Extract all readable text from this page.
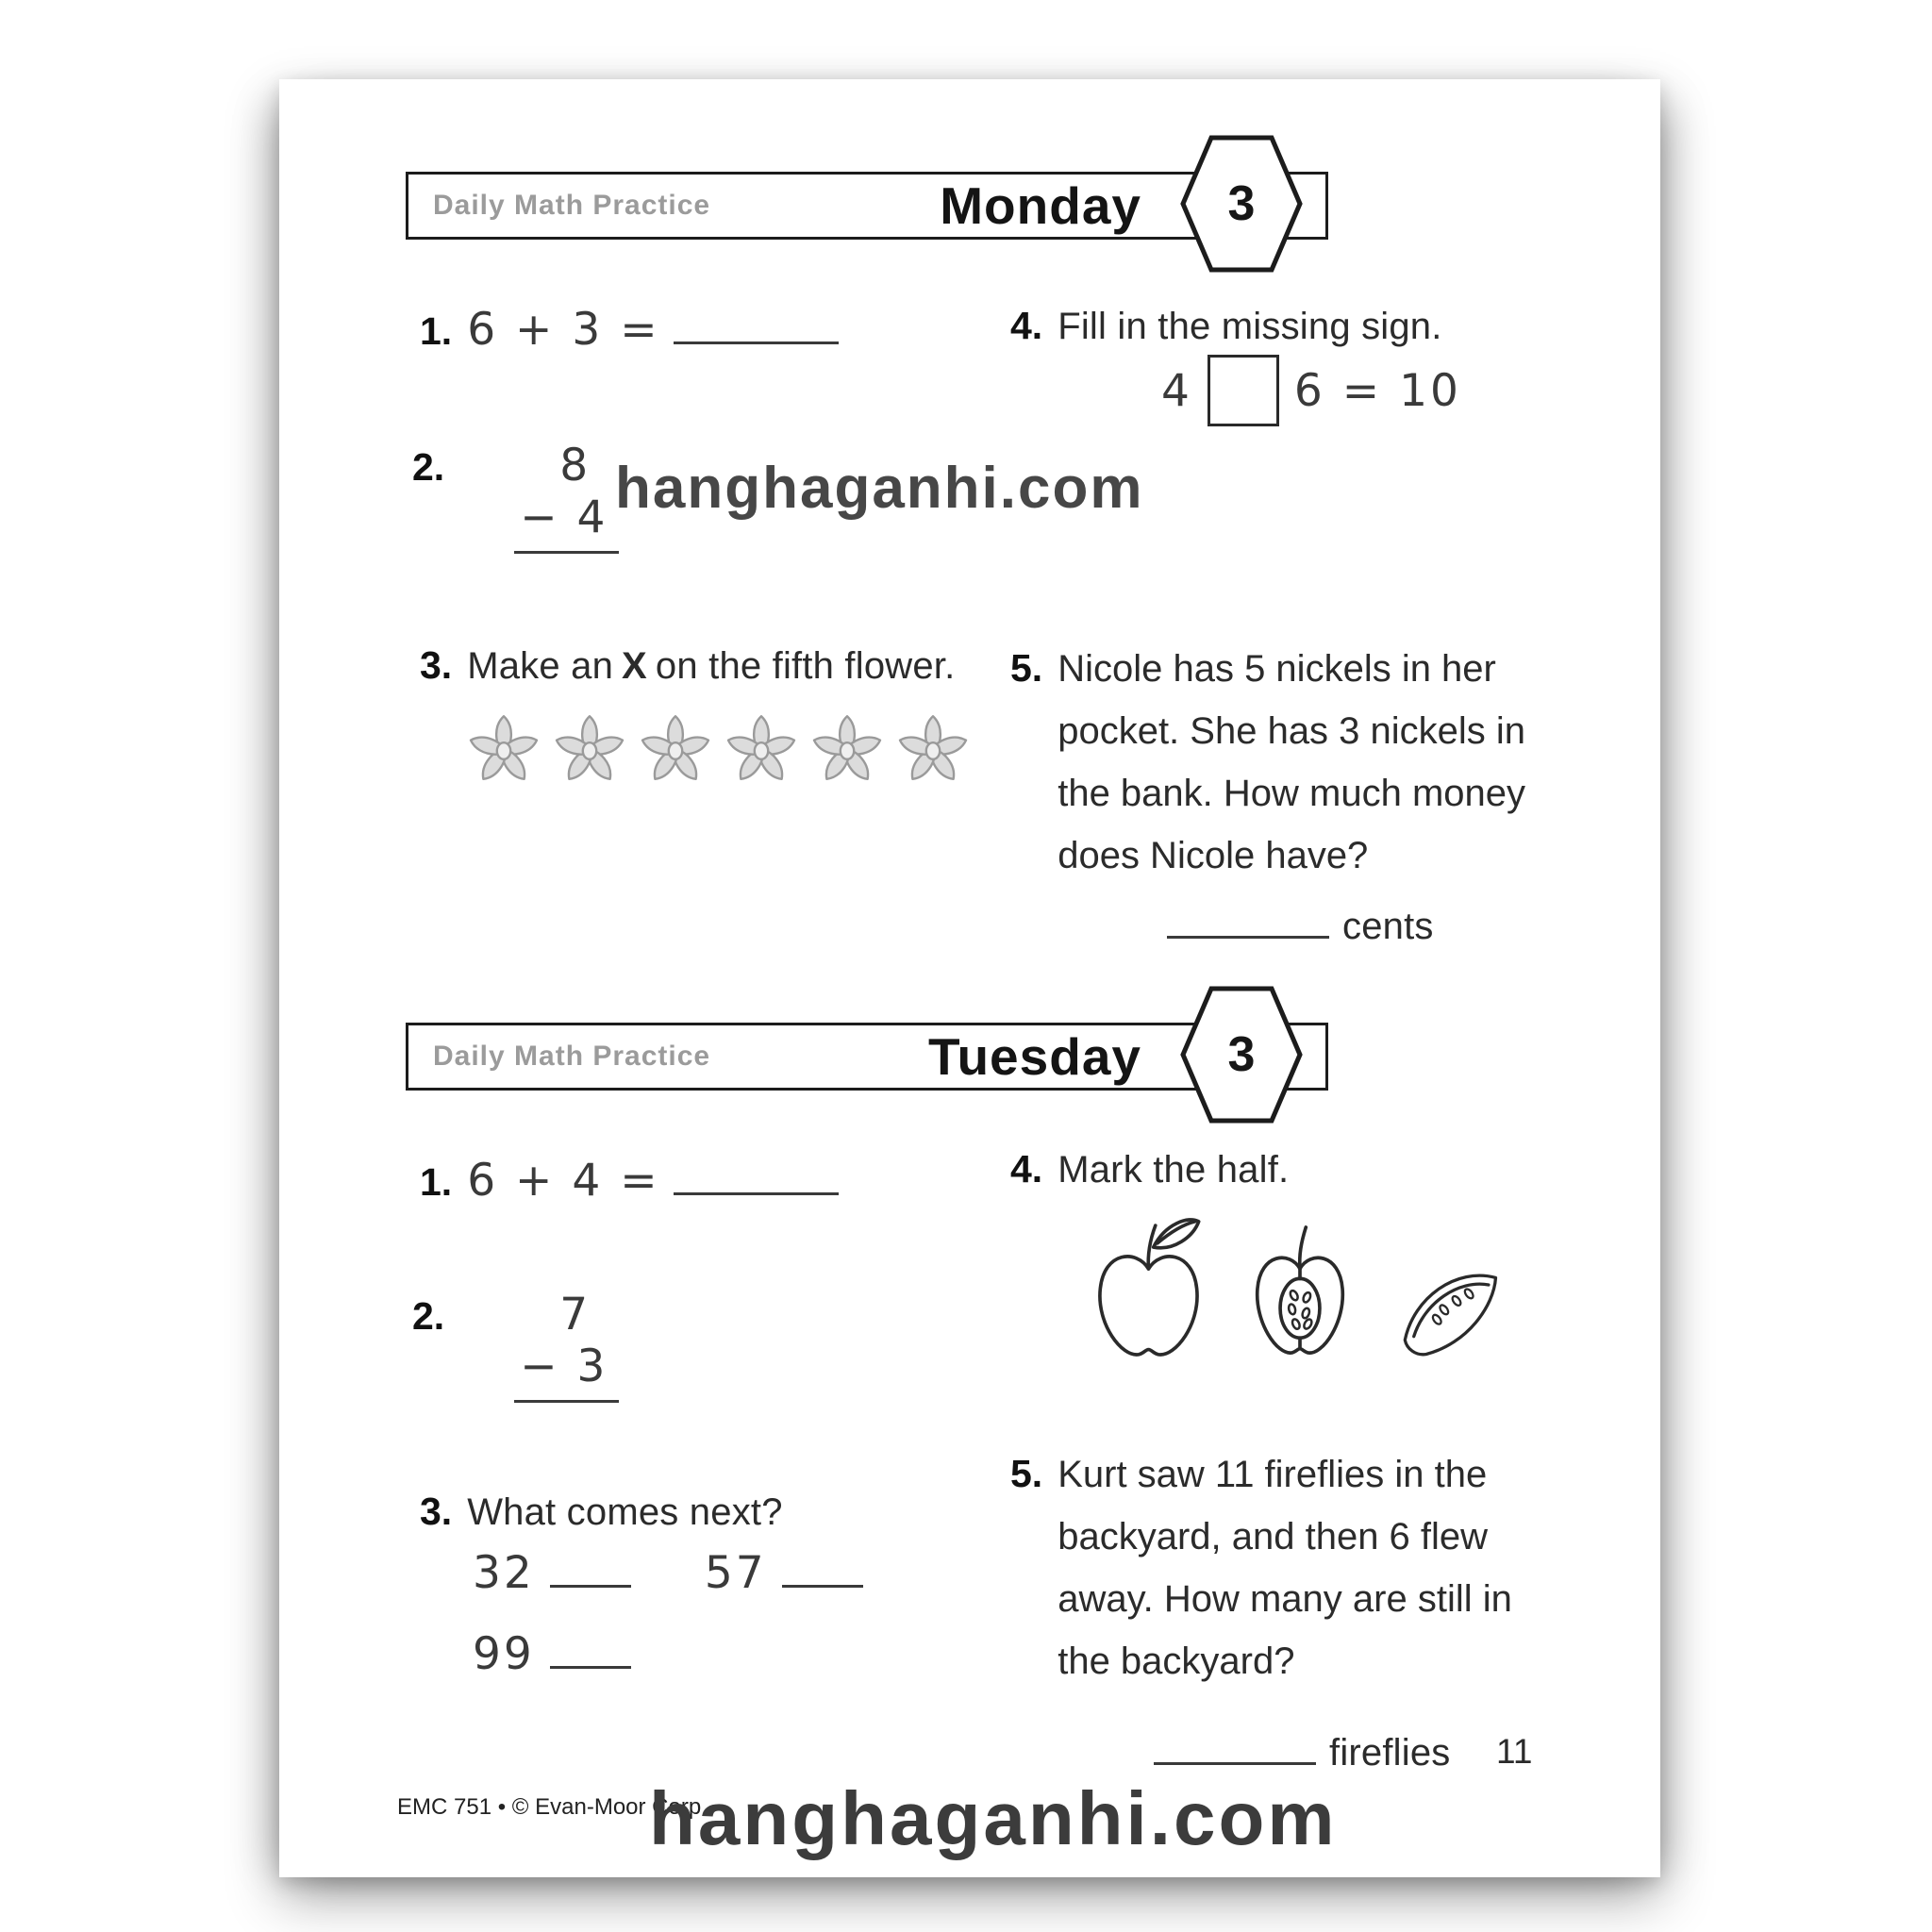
Daily Math Practice	Monday	3
1. 6 + 3 =	4. Fill in the missing sign.
4 6 = 10
2.	8
− 4 hanghaganhi.com
3. Make an X on the fifth flower. 5. Nicole has 5 nickels in her
pocket. She has 3 nickels in
the bank. How much money
does Nicole have?
cents
Daily Math Practice	Tuesday	3
1. 6 + 4 =	4. Mark the half.
2.	7
− 3
3. What comes next?
32	57
99
5. Kurt saw 11 fireflies in the
backyard, and then 6 flew
away. How many are still in
the backyard?
fireflies
EMC 751 • © Evan-Moor Corp.
hanghaganhi.com
11
